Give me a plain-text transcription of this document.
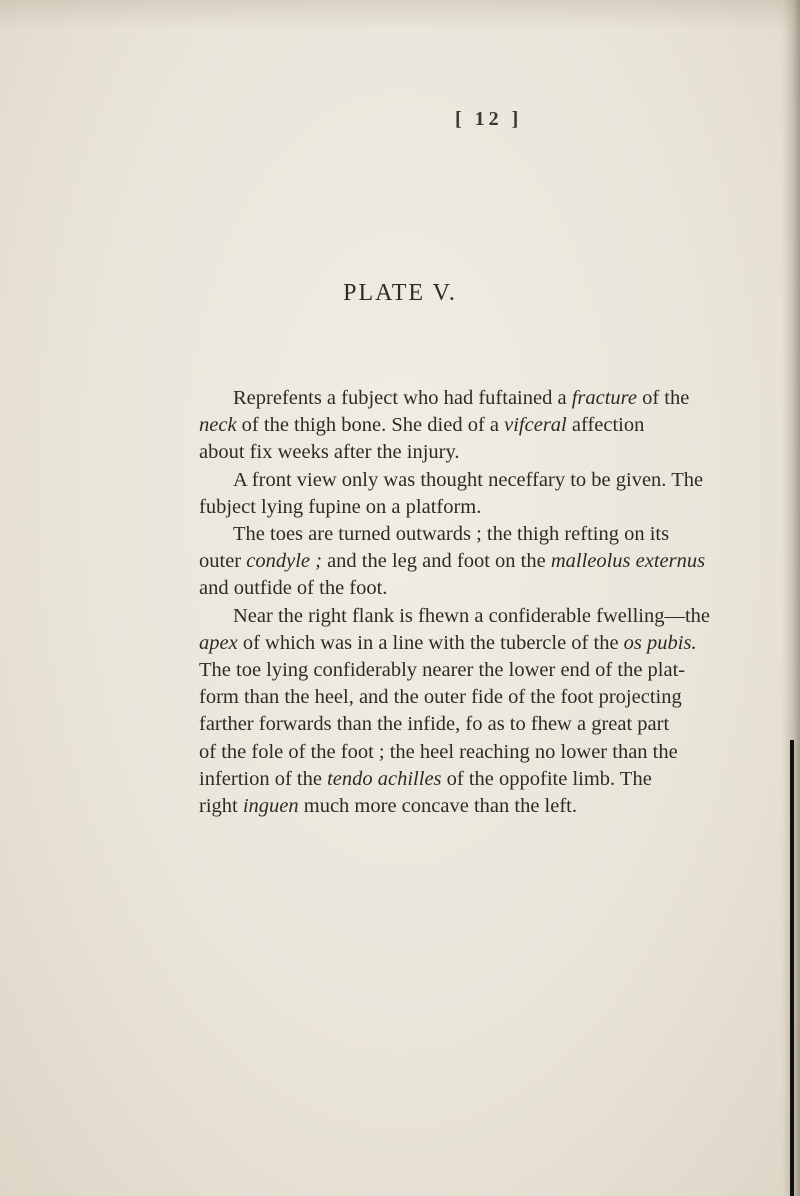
[ 12 ]
PLATE V.
Reprefents a fubject who had fuftained a fracture of the
neck of the thigh bone. She died of a vifceral affection
about fix weeks after the injury.
A front view only was thought neceffary to be given. The
fubject lying fupine on a platform.
The toes are turned outwards ; the thigh refting on its
outer condyle ; and the leg and foot on the malleolus externus
and outfide of the foot.
Near the right flank is fhewn a confiderable fwelling—the
apex of which was in a line with the tubercle of the os pubis.
The toe lying confiderably nearer the lower end of the plat-
form than the heel, and the outer fide of the foot projecting
farther forwards than the infide, fo as to fhew a great part
of the fole of the foot ; the heel reaching no lower than the
infertion of the tendo achilles of the oppofite limb. The
right inguen much more concave than the left.
